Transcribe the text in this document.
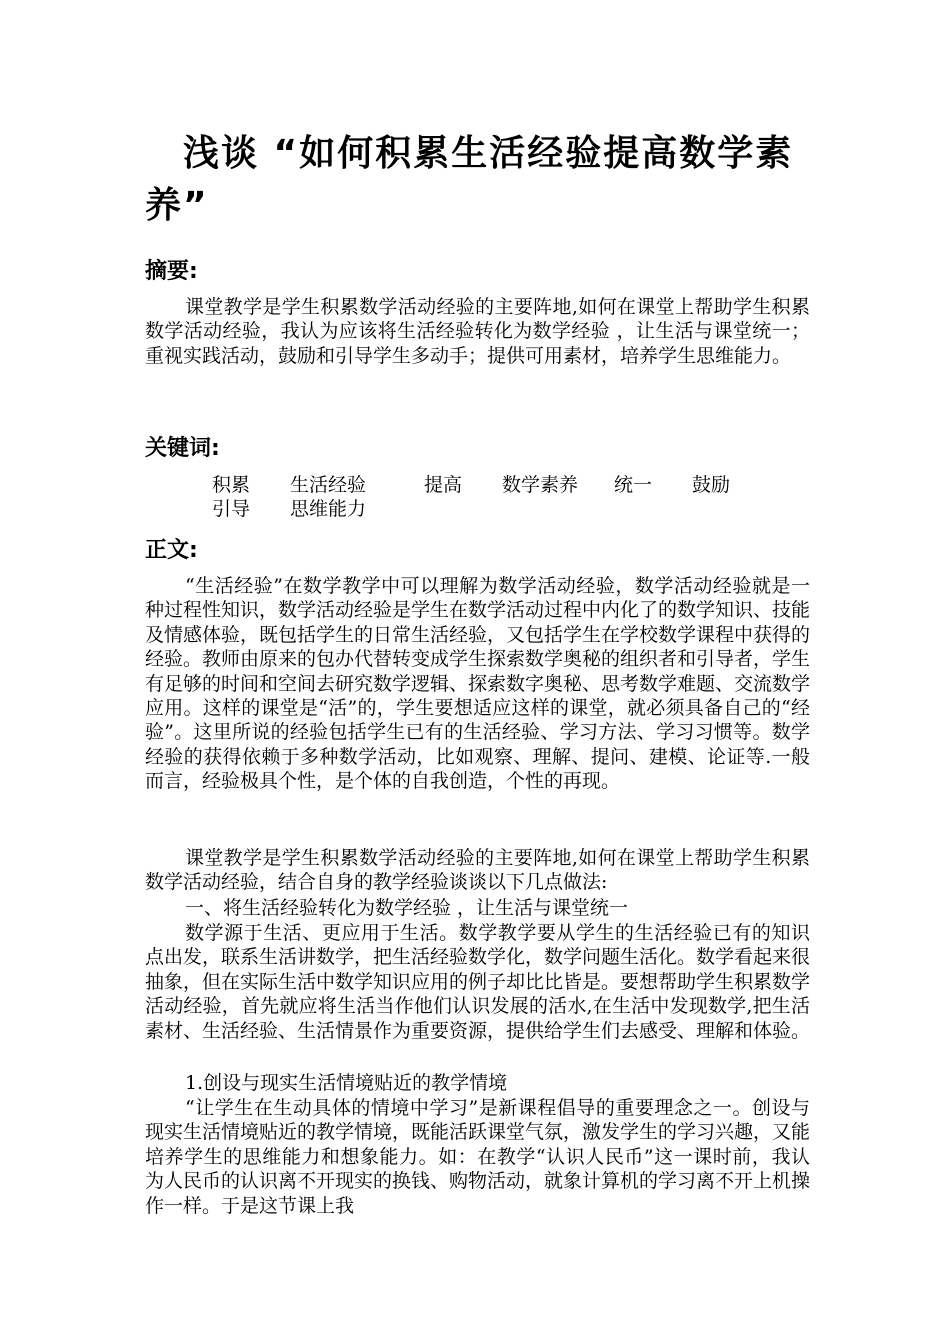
浅谈 “如何积累生活经验提高数学素养”
摘要:

课堂教学是学生积累数学活动经验的主要阵地,如何在课堂上帮助学生积累数学活动经验，我认为应该将生活经验转化为数学经验 ，让生活与课堂统一；重视实践活动，鼓励和引导学生多动手；提供可用素材，培养学生思维能力。

关键词:
积累	生活经验	提高	数学素养	统一	鼓励
引导	思维能力
正文:

“生活经验”在数学教学中可以理解为数学活动经验，数学活动经验就是一种过程性知识，数学活动经验是学生在数学活动过程中内化了的数学知识、技能及情感体验，既包括学生的日常生活经验，又包括学生在学校数学课程中获得的经验。教师由原来的包办代替转变成学生探索数学奥秘的组织者和引导者，学生有足够的时间和空间去研究数学逻辑、探索数字奥秘、思考数学难题、交流数学应用。这样的课堂是“活”的，学生要想适应这样的课堂，就必须具备自己的“经验”。这里所说的经验包括学生已有的生活经验、学习方法、学习习惯等。数学经验的获得依赖于多种数学活动，比如观察、理解、提问、建模、论证等.一般而言，经验极具个性，是个体的自我创造，个性的再现。

课堂教学是学生积累数学活动经验的主要阵地,如何在课堂上帮助学生积累数学活动经验，结合自身的教学经验谈谈以下几点做法:

一、将生活经验转化为数学经验 ，让生活与课堂统一

数学源于生活、更应用于生活。数学教学要从学生的生活经验已有的知识点出发，联系生活讲数学，把生活经验数学化，数学问题生活化。数学看起来很抽象，但在实际生活中数学知识应用的例子却比比皆是。要想帮助学生积累数学活动经验，首先就应将生活当作他们认识发展的活水,在生活中发现数学,把生活素材、生活经验、生活情景作为重要资源，提供给学生们去感受、理解和体验。

1.创设与现实生活情境贴近的教学情境

“让学生在生动具体的情境中学习”是新课程倡导的重要理念之一。创设与现实生活情境贴近的教学情境，既能活跃课堂气氛，激发学生的学习兴趣，又能培养学生的思维能力和想象能力。如：在教学“认识人民币”这一课时前，我认为人民币的认识离不开现实的换钱、购物活动，就象计算机的学习离不开上机操作一样。于是这节课上我
